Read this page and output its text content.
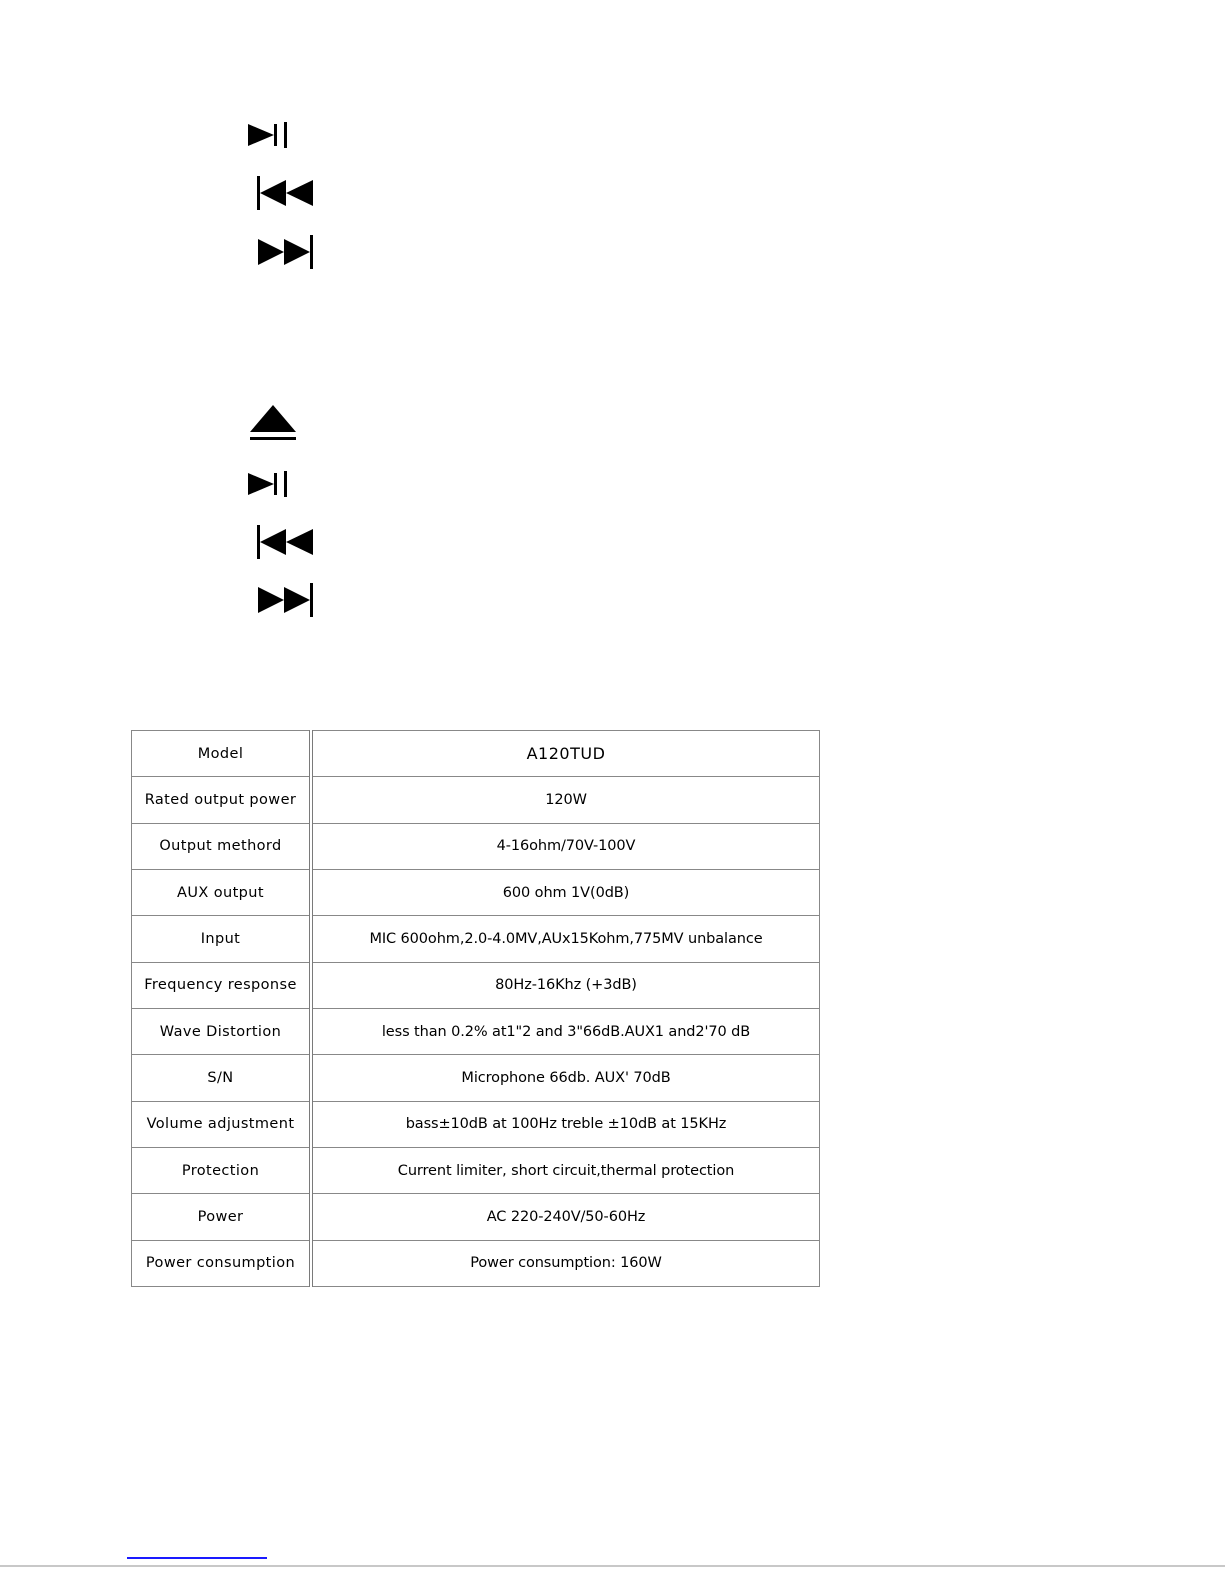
Model	A120TUD
Rated output power	120W
Output methord	4-16ohm/70V-100V
AUX output	600 ohm 1V(0dB)
Input	MIC 600ohm,2.0-4.0MV,AUx15Kohm,775MV unbalance
Frequency response	80Hz-16Khz (+3dB)
Wave Distortion	less than 0.2% at1"2 and 3"66dB.AUX1 and2'70 dB
S/N	Microphone 66db. AUX' 70dB
Volume adjustment	bass±10dB at 100Hz treble ±10dB at 15KHz
Protection	Current limiter, short circuit,thermal protection
Power	AC 220-240V/50-60Hz
Power consumption	Power consumption: 160W
